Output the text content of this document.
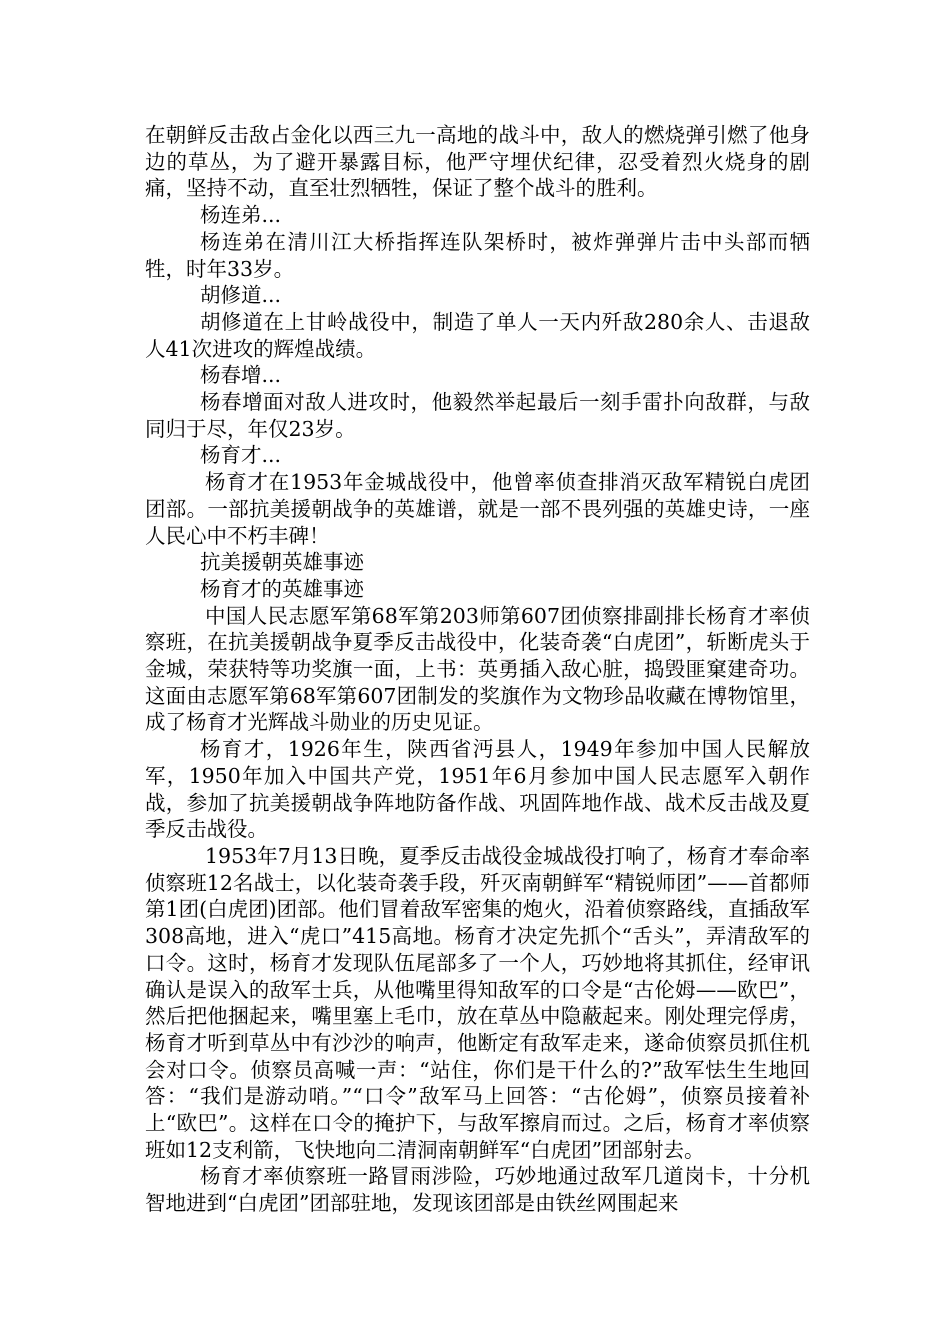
在朝鲜反击敌占金化以西三九一高地的战斗中，敌人的燃烧弹引燃了他身边的草丛，为了避开暴露目标，他严守埋伏纪律，忍受着烈火烧身的剧痛，坚持不动，直至壮烈牺牲，保证了整个战斗的胜利。

杨连弟...

杨连弟在清川江大桥指挥连队架桥时，被炸弹弹片击中头部而牺牲，时年33岁。

胡修道...

胡修道在上甘岭战役中，制造了单人一天内歼敌280余人、击退敌人41次进攻的辉煌战绩。

杨春增...

杨春增面对敌人进攻时，他毅然举起最后一刻手雷扑向敌群，与敌同归于尽，年仅23岁。

杨育才...

杨育才在1953年金城战役中，他曾率侦查排消灭敌军精锐白虎团团部。一部抗美援朝战争的英雄谱，就是一部不畏列强的英雄史诗，一座人民心中不朽丰碑！

抗美援朝英雄事迹

杨育才的英雄事迹

中国人民志愿军第68军第203师第607团侦察排副排长杨育才率侦察班，在抗美援朝战争夏季反击战役中，化装奇袭“白虎团”，斩断虎头于金城，荣获特等功奖旗一面，上书：英勇插入敌心脏，捣毁匪窠建奇功。这面由志愿军第68军第607团制发的奖旗作为文物珍品收藏在博物馆里，成了杨育才光辉战斗勋业的历史见证。

杨育才，1926年生，陕西省沔县人，1949年参加中国人民解放军，1950年加入中国共产党，1951年6月参加中国人民志愿军入朝作战，参加了抗美援朝战争阵地防备作战、巩固阵地作战、战术反击战及夏季反击战役。

1953年7月13日晚，夏季反击战役金城战役打响了，杨育才奉命率侦察班12名战士，以化装奇袭手段，歼灭南朝鲜军“精锐师团”——首都师第1团(白虎团)团部。他们冒着敌军密集的炮火，沿着侦察路线，直插敌军308高地，进入“虎口”415高地。杨育才决定先抓个“舌头”，弄清敌军的口令。这时，杨育才发现队伍尾部多了一个人，巧妙地将其抓住，经审讯确认是误入的敌军士兵，从他嘴里得知敌军的口令是“古伦姆——欧巴”，然后把他捆起来，嘴里塞上毛巾，放在草丛中隐蔽起来。刚处理完俘虏，杨育才听到草丛中有沙沙的响声，他断定有敌军走来，遂命侦察员抓住机会对口令。侦察员高喊一声：“站住，你们是干什么的?”敌军怯生生地回答：“我们是游动哨。”“口令”敌军马上回答：“古伦姆”，侦察员接着补上“欧巴”。这样在口令的掩护下，与敌军擦肩而过。之后，杨育才率侦察班如12支利箭，飞快地向二清洞南朝鲜军“白虎团”团部射去。

杨育才率侦察班一路冒雨涉险，巧妙地通过敌军几道岗卡，十分机智地进到“白虎团”团部驻地，发现该团部是由铁丝网围起来
